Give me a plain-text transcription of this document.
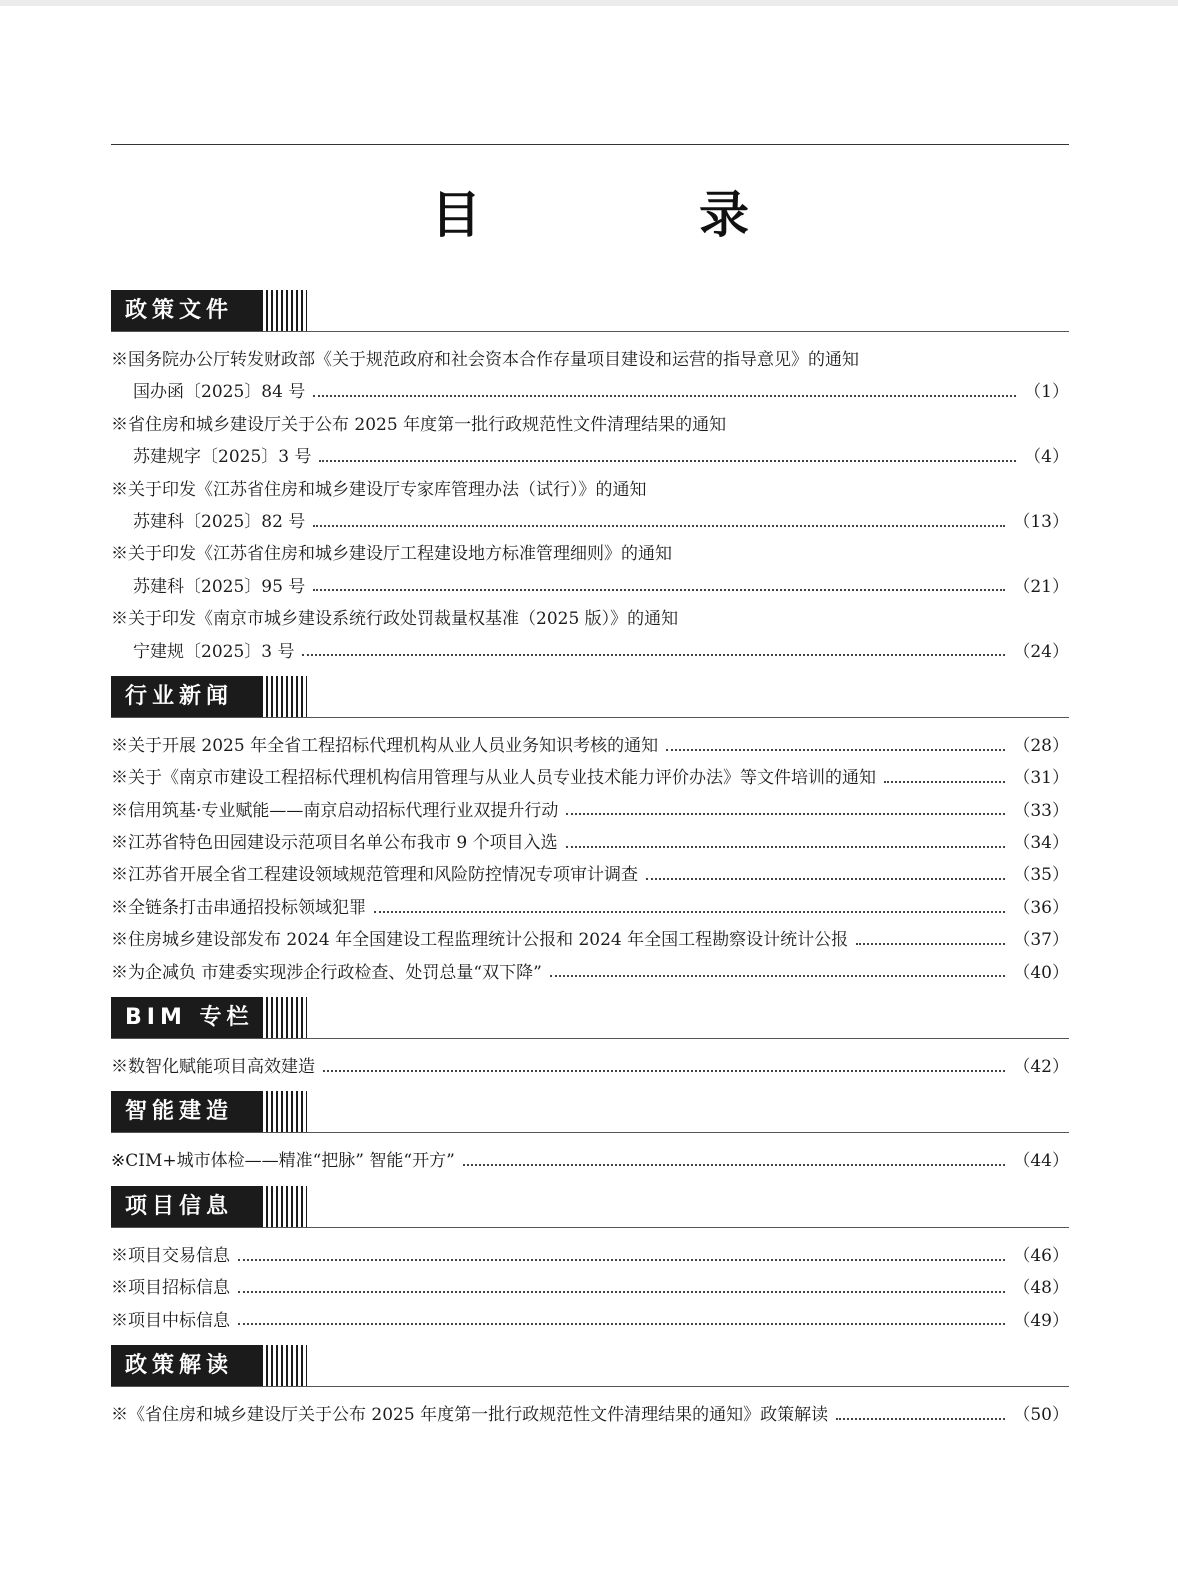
目　录
政策文件
※国务院办公厅转发财政部《关于规范政府和社会资本合作存量项目建设和运营的指导意见》的通知
国办函〔2025〕84 号	（1）
※省住房和城乡建设厅关于公布 2025 年度第一批行政规范性文件清理结果的通知
苏建规字〔2025〕3 号	（4）
※关于印发《江苏省住房和城乡建设厅专家库管理办法（试行）》的通知
苏建科〔2025〕82 号	（13）
※关于印发《江苏省住房和城乡建设厅工程建设地方标准管理细则》的通知
苏建科〔2025〕95 号	（21）
※关于印发《南京市城乡建设系统行政处罚裁量权基准（2025 版）》的通知
宁建规〔2025〕3 号	（24）
行业新闻
※关于开展 2025 年全省工程招标代理机构从业人员业务知识考核的通知	（28）
※关于《南京市建设工程招标代理机构信用管理与从业人员专业技术能力评价办法》等文件培训的通知	（31）
※信用筑基·专业赋能——南京启动招标代理行业双提升行动	（33）
※江苏省特色田园建设示范项目名单公布我市 9 个项目入选	（34）
※江苏省开展全省工程建设领域规范管理和风险防控情况专项审计调查	（35）
※全链条打击串通招投标领域犯罪	（36）
※住房城乡建设部发布 2024 年全国建设工程监理统计公报和 2024 年全国工程勘察设计统计公报	（37）
※为企减负 市建委实现涉企行政检查、处罚总量“双下降”	（40）
BIM 专栏
※数智化赋能项目高效建造	（42）
智能建造
※CIM+城市体检——精准“把脉” 智能“开方”	（44）
项目信息
※项目交易信息	（46）
※项目招标信息	（48）
※项目中标信息	（49）
政策解读
※《省住房和城乡建设厅关于公布 2025 年度第一批行政规范性文件清理结果的通知》政策解读	（50）
